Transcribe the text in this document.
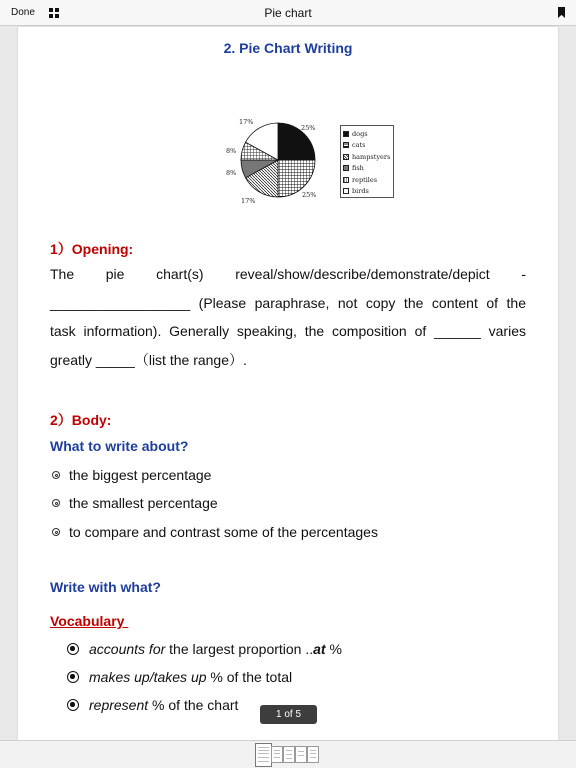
Done	Pie chart
2. Pie Chart Writing
17%
25%
8%
8%
17%
25%
dogs
cats
hampstyers
fish
reptiles
birds
1）Opening:
The pie chart(s) reveal/show/describe/demonstrate/depict -
__________________ (Please paraphrase, not copy the content of the
task information). Generally speaking, the composition of ______ varies
greatly _____（list the range）.
2）Body:
What to write about?
the biggest percentage
the smallest percentage
to compare and contrast some of the percentages
Write with what?
Vocabulary
accounts for the largest proportion ..at %
makes up/takes up % of the total
represent % of the chart
1 of 5
